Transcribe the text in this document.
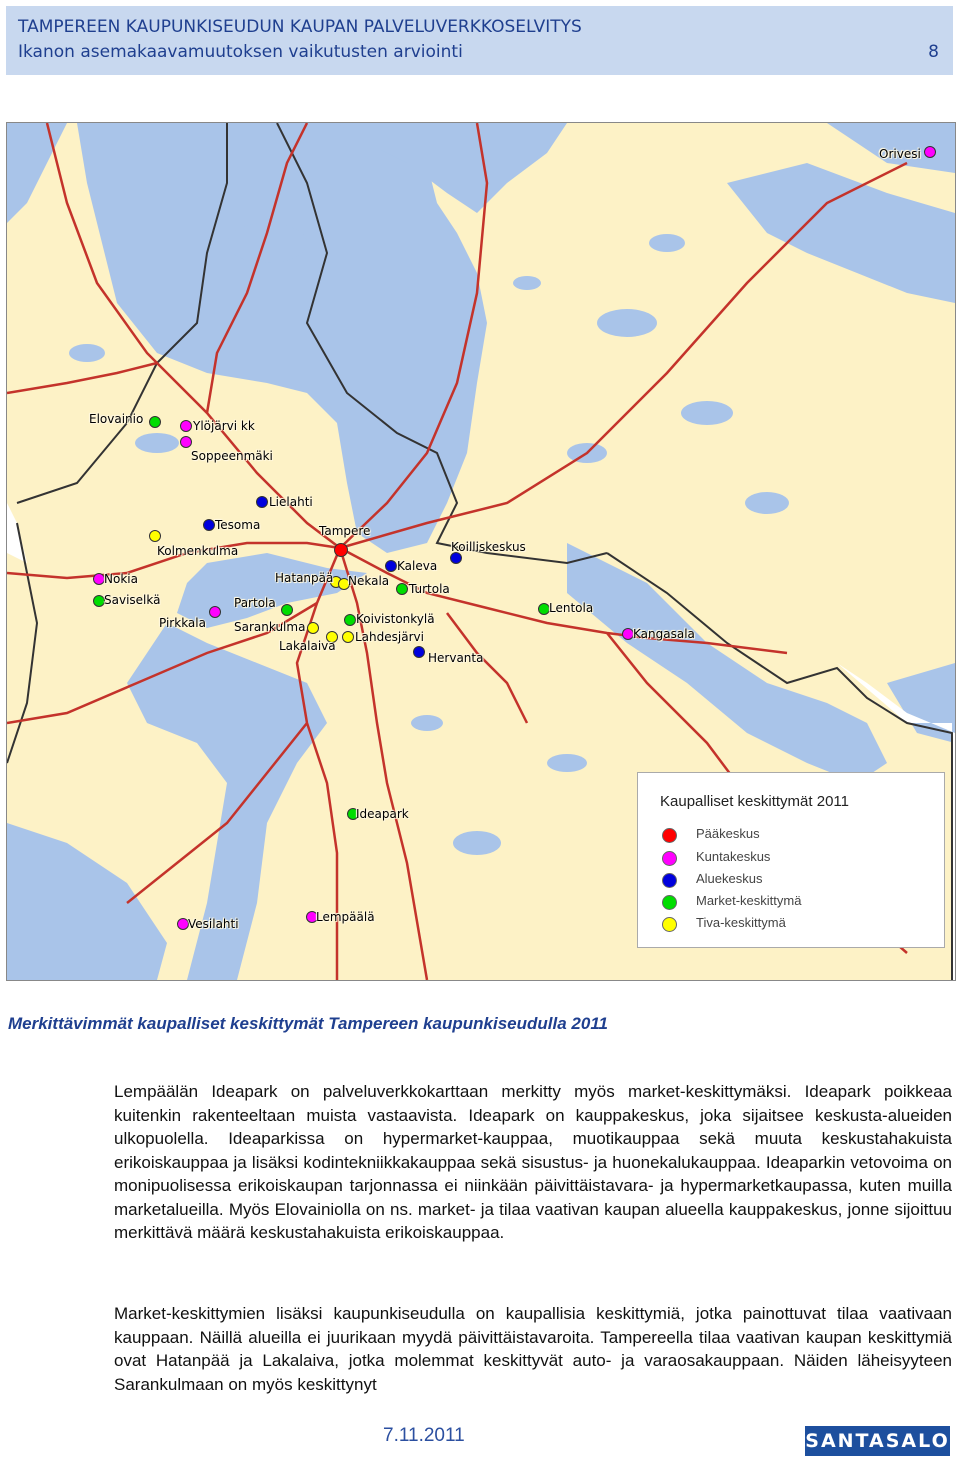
TAMPEREEN KAUPUNKISEUDUN KAUPAN PALVELUVERKKOSELVITYS
Ikanon asemakaavamuutoksen vaikutusten arviointi	8
Orivesi
Elovainio	Ylöjärvi kk
Soppeenmäki
Lielahti
Tesoma	Tampere
Koilliskeskus
Kolmenkulma
Kaleva
Nokia	Hatanpää Nekala
Turtola
Saviselkä	Partola	Lentola
Pirkkala Sarankulma
Koivistonkylä
Lahdesjärvi	Kangasala
Lakalaiva
Hervanta
Ideapark
Vesilahti	Lempäälä
Kaupalliset keskittymät 2011
Pääkeskus
Kuntakeskus
Aluekeskus
Market-keskittymä
Tiva-keskittymä
Merkittävimmät kaupalliset keskittymät Tampereen kaupunkiseudulla 2011
Lempäälän Ideapark on palveluverkkokarttaan merkitty myös market-keskittymäksi. Ideapark poikkeaa kuitenkin rakenteeltaan muista vastaavista. Ideapark on kauppakeskus, joka sijaitsee keskusta-alueiden ulkopuolella. Ideaparkissa on hypermarket-kauppaa, muotikauppaa sekä muuta keskustahakuista erikoiskauppaa ja lisäksi kodintekniikkakauppaa sekä sisustus- ja huonekalukauppaa. Ideaparkin vetovoima on monipuolisessa erikoiskaupan tarjonnassa ei niinkään päivittäistavara- ja hypermarketkaupassa, kuten muilla marketalueilla. Myös Elovainiolla on ns. market- ja tilaa vaativan kaupan alueella kauppakeskus, jonne sijoittuu merkittävä määrä keskustahakuista erikoiskauppaa.
Market-keskittymien lisäksi kaupunkiseudulla on kaupallisia keskittymiä, jotka painottuvat tilaa vaativaan kauppaan. Näillä alueilla ei juurikaan myydä päivittäistavaroita. Tampereella tilaa vaativan kaupan keskittymiä ovat Hatanpää ja Lakalaiva, jotka molemmat keskittyvät auto- ja varaosakauppaan. Näiden läheisyyteen Sarankulmaan on myös keskittynyt
7.11.2011	SANTASALO
